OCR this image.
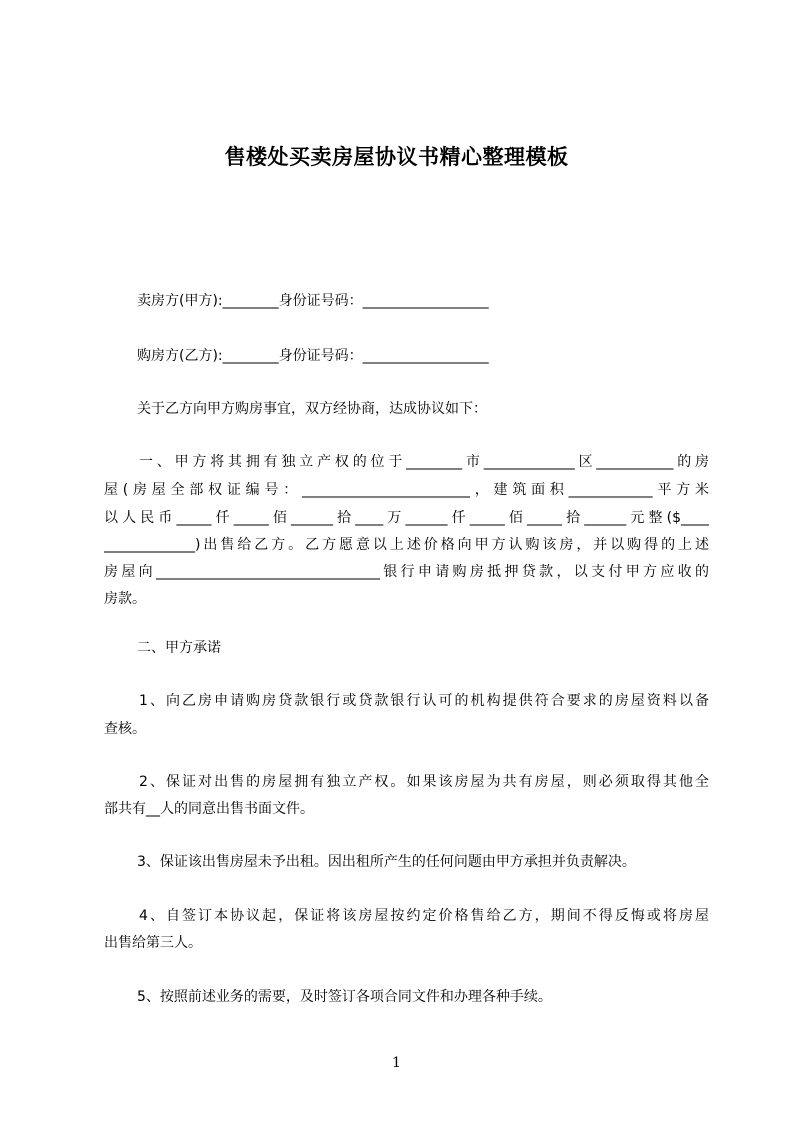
售楼处买卖房屋协议书精心整理模板
卖房方(甲方):________身份证号码：__________________
购房方(乙方):________身份证号码：__________________
关于乙方向甲方购房事宜，双方经协商，达成协议如下：
一、甲方将其拥有独立产权的位于________市_____________区___________的房
屋(房屋全部权证编号：________________________，建筑面积____________平方米
以人民币_____仟_____佰______拾____万______仟_____佰_____拾______元整($____
_____________)出售给乙方。乙方愿意以上述价格向甲方认购该房，并以购得的上述
房屋向________________________________银行申请购房抵押贷款，以支付甲方应收的
房款。
二、甲方承诺
1、向乙房申请购房贷款银行或贷款银行认可的机构提供符合要求的房屋资料以备
查核。
2、保证对出售的房屋拥有独立产权。如果该房屋为共有房屋，则必须取得其他全
部共有__人的同意出售书面文件。
3、保证该出售房屋未予出租。因出租所产生的任何问题由甲方承担并负责解决。
4、自签订本协议起，保证将该房屋按约定价格售给乙方，期间不得反悔或将房屋
出售给第三人。
5、按照前述业务的需要，及时签订各项合同文件和办理各种手续。
1
